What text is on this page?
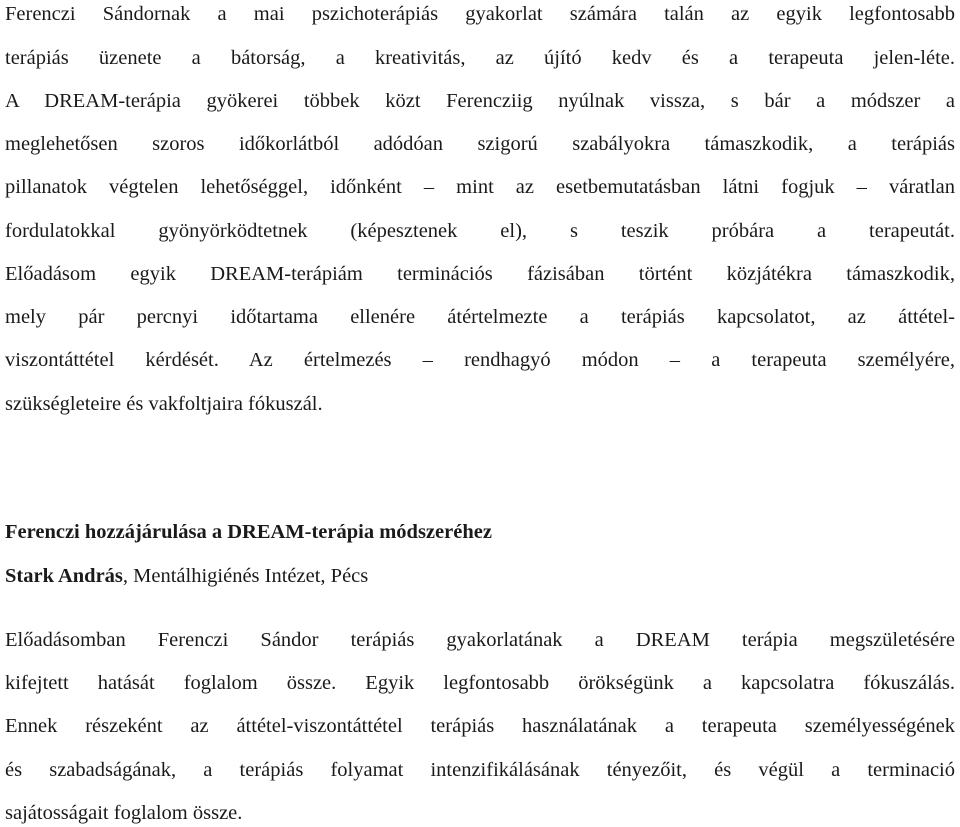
Ferenczi Sándornak a mai pszichoterápiás gyakorlat számára talán az egyik legfontosabb
terápiás üzenete a bátorság, a kreativitás, az újító kedv és a terapeuta jelen-léte.
A DREAM-terápia gyökerei többek közt Ferencziig nyúlnak vissza, s bár a módszer a
meglehetősen szoros időkorlátból adódóan szigorú szabályokra támaszkodik, a terápiás
pillanatok végtelen lehetőséggel, időnként – mint az esetbemutatásban látni fogjuk – váratlan
fordulatokkal gyönyörködtetnek (képesztenek el), s teszik próbára a terapeutát.
Előadásom egyik DREAM-terápiám terminációs fázisában történt közjátékra támaszkodik,
mely pár percnyi időtartama ellenére átértelmezte a terápiás kapcsolatot, az áttétel-
viszontáttétel kérdését. Az értelmezés – rendhagyó módon – a terapeuta személyére,
szükségleteire és vakfoltjaira fókuszál.
Ferenczi hozzájárulása a DREAM-terápia módszeréhez
Stark András, Mentálhigiénés Intézet, Pécs
Előadásomban Ferenczi Sándor terápiás gyakorlatának a DREAM terápia megszületésére
kifejtett hatását foglalom össze. Egyik legfontosabb örökségünk a kapcsolatra fókuszálás.
Ennek részeként az áttétel-viszontáttétel terápiás használatának a terapeuta személyességének
és szabadságának, a terápiás folyamat intenzifikálásának tényezőit, és végül a terminació
sajátosságait foglalom össze.
